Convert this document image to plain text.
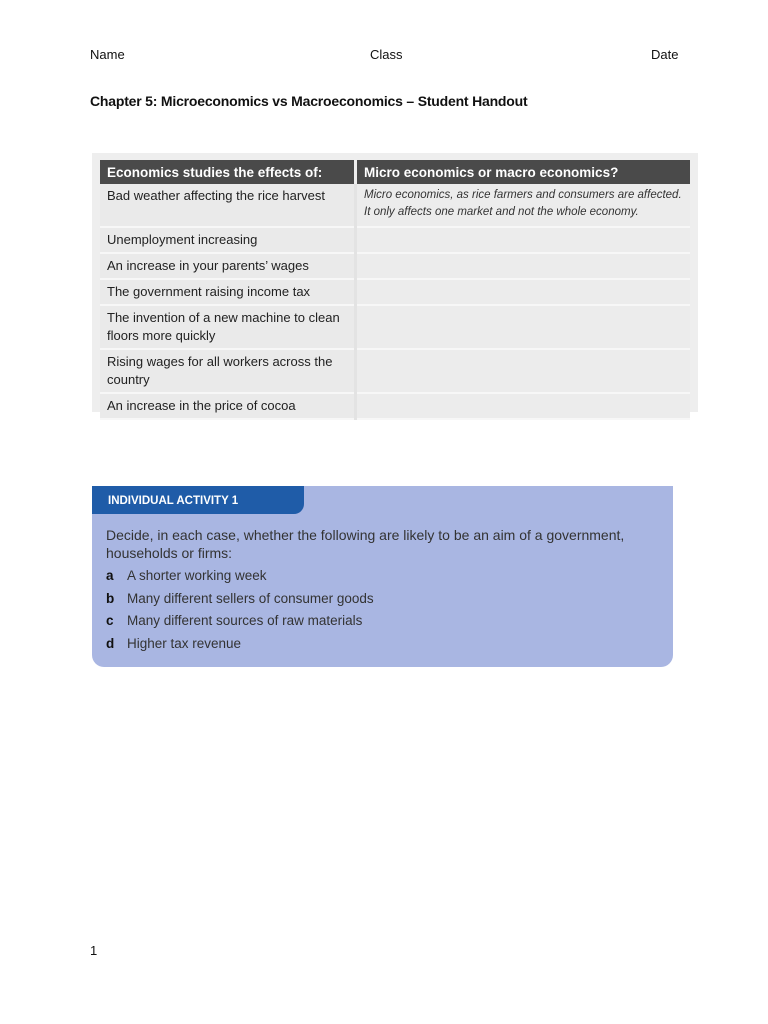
Name	Class	Date
Chapter 5: Microeconomics vs Macroeconomics – Student Handout
Economics studies the effects of:	Micro economics or macro economics?
Bad weather affecting the rice harvest	Micro economics, as rice farmers and consumers are affected. It only affects one market and not the whole economy.
Unemployment increasing	
An increase in your parents’ wages	
The government raising income tax	
The invention of a new machine to clean floors more quickly	
Rising wages for all workers across the country	
An increase in the price of cocoa	
INDIVIDUAL ACTIVITY 1
Decide, in each case, whether the following are likely to be an aim of a government, households or firms:
a A shorter working week
b Many different sellers of consumer goods
c Many different sources of raw materials
d Higher tax revenue
1
